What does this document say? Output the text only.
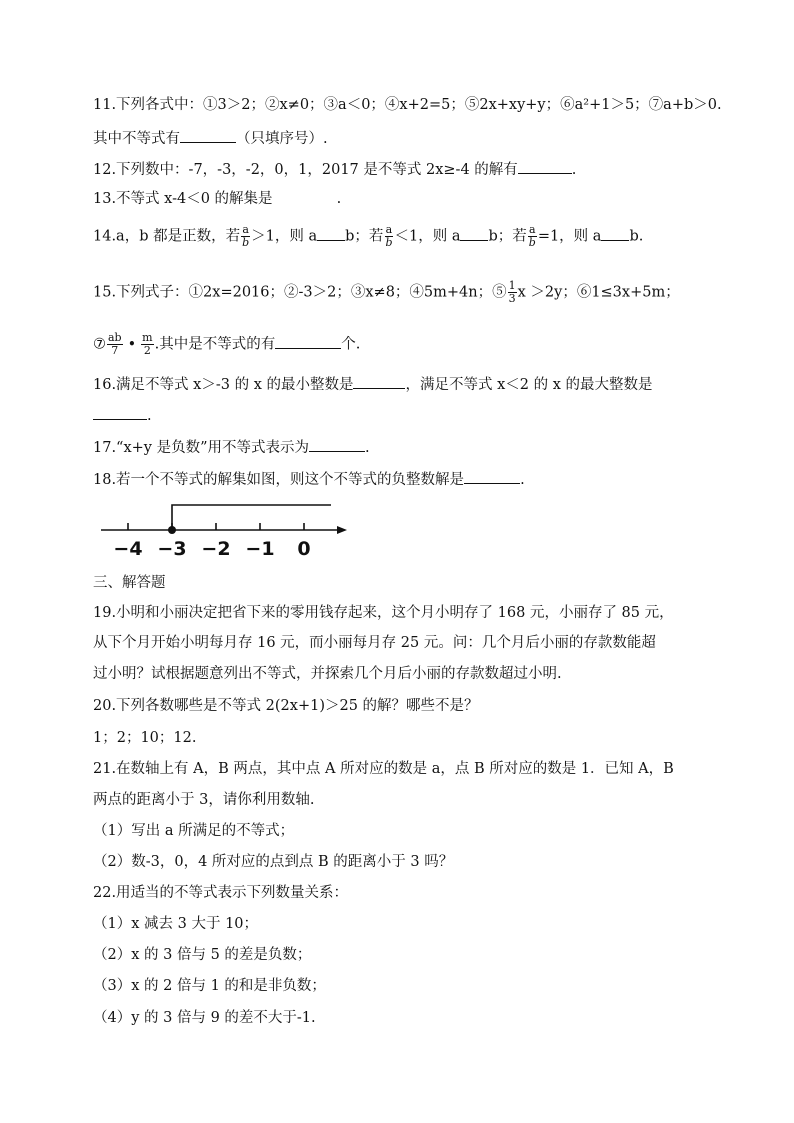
11.下列各式中：①3＞2；②x≠0；③a＜0；④x+2=5；⑤2x+xy+y；⑥a²+1＞5；⑦a+b＞0.
其中不等式有	（只填序号）.
12.下列数中：-7，-3，-2，0，1，2017 是不等式 2x≥-4 的解有	.
13.不等式 x-4＜0 的解集是	.
14.a，b 都是正数，若 $\frac{a}{b} >1$，则 a b；若 $\frac{a}{b} <1$，则 a b；若 $\frac{a}{b} =1$，则 a b.
15.下列式子：①2x=2016；②-3＞2；③x≠8；④5m+4n；⑤ $\frac{1}{3}$ x ＞2y；⑥1≤3x+5m；
⑦ $\frac{ab}{7}$ • $\frac{m}{2}$ .其中是不等式的有	个.
16.满足不等式 x＞-3 的 x 的最小整数是	，满足不等式 x＜2 的 x 的最大整数是
.
17.“x+y 是负数”用不等式表示为	.
18.若一个不等式的解集如图，则这个不等式的负整数解是	.
−4 −3 −2 −1 0
三、解答题
19.小明和小丽决定把省下来的零用钱存起来，这个月小明存了 168 元，小丽存了 85 元，
从下个月开始小明每月存 16 元，而小丽每月存 25 元。问：几个月后小丽的存款数能超
过小明？试根据题意列出不等式，并探索几个月后小丽的存款数超过小明.
20.下列各数哪些是不等式 2(2x+1)＞25 的解？哪些不是？
1；2；10；12.
21.在数轴上有 A，B 两点，其中点 A 所对应的数是 a，点 B 所对应的数是 1．已知 A，B
两点的距离小于 3，请你利用数轴.
（1）写出 a 所满足的不等式；
（2）数-3，0，4 所对应的点到点 B 的距离小于 3 吗？
22.用适当的不等式表示下列数量关系：
（1）x 减去 3 大于 10；
（2）x 的 3 倍与 5 的差是负数；
（3）x 的 2 倍与 1 的和是非负数；
（4）y 的 3 倍与 9 的差不大于-1.
